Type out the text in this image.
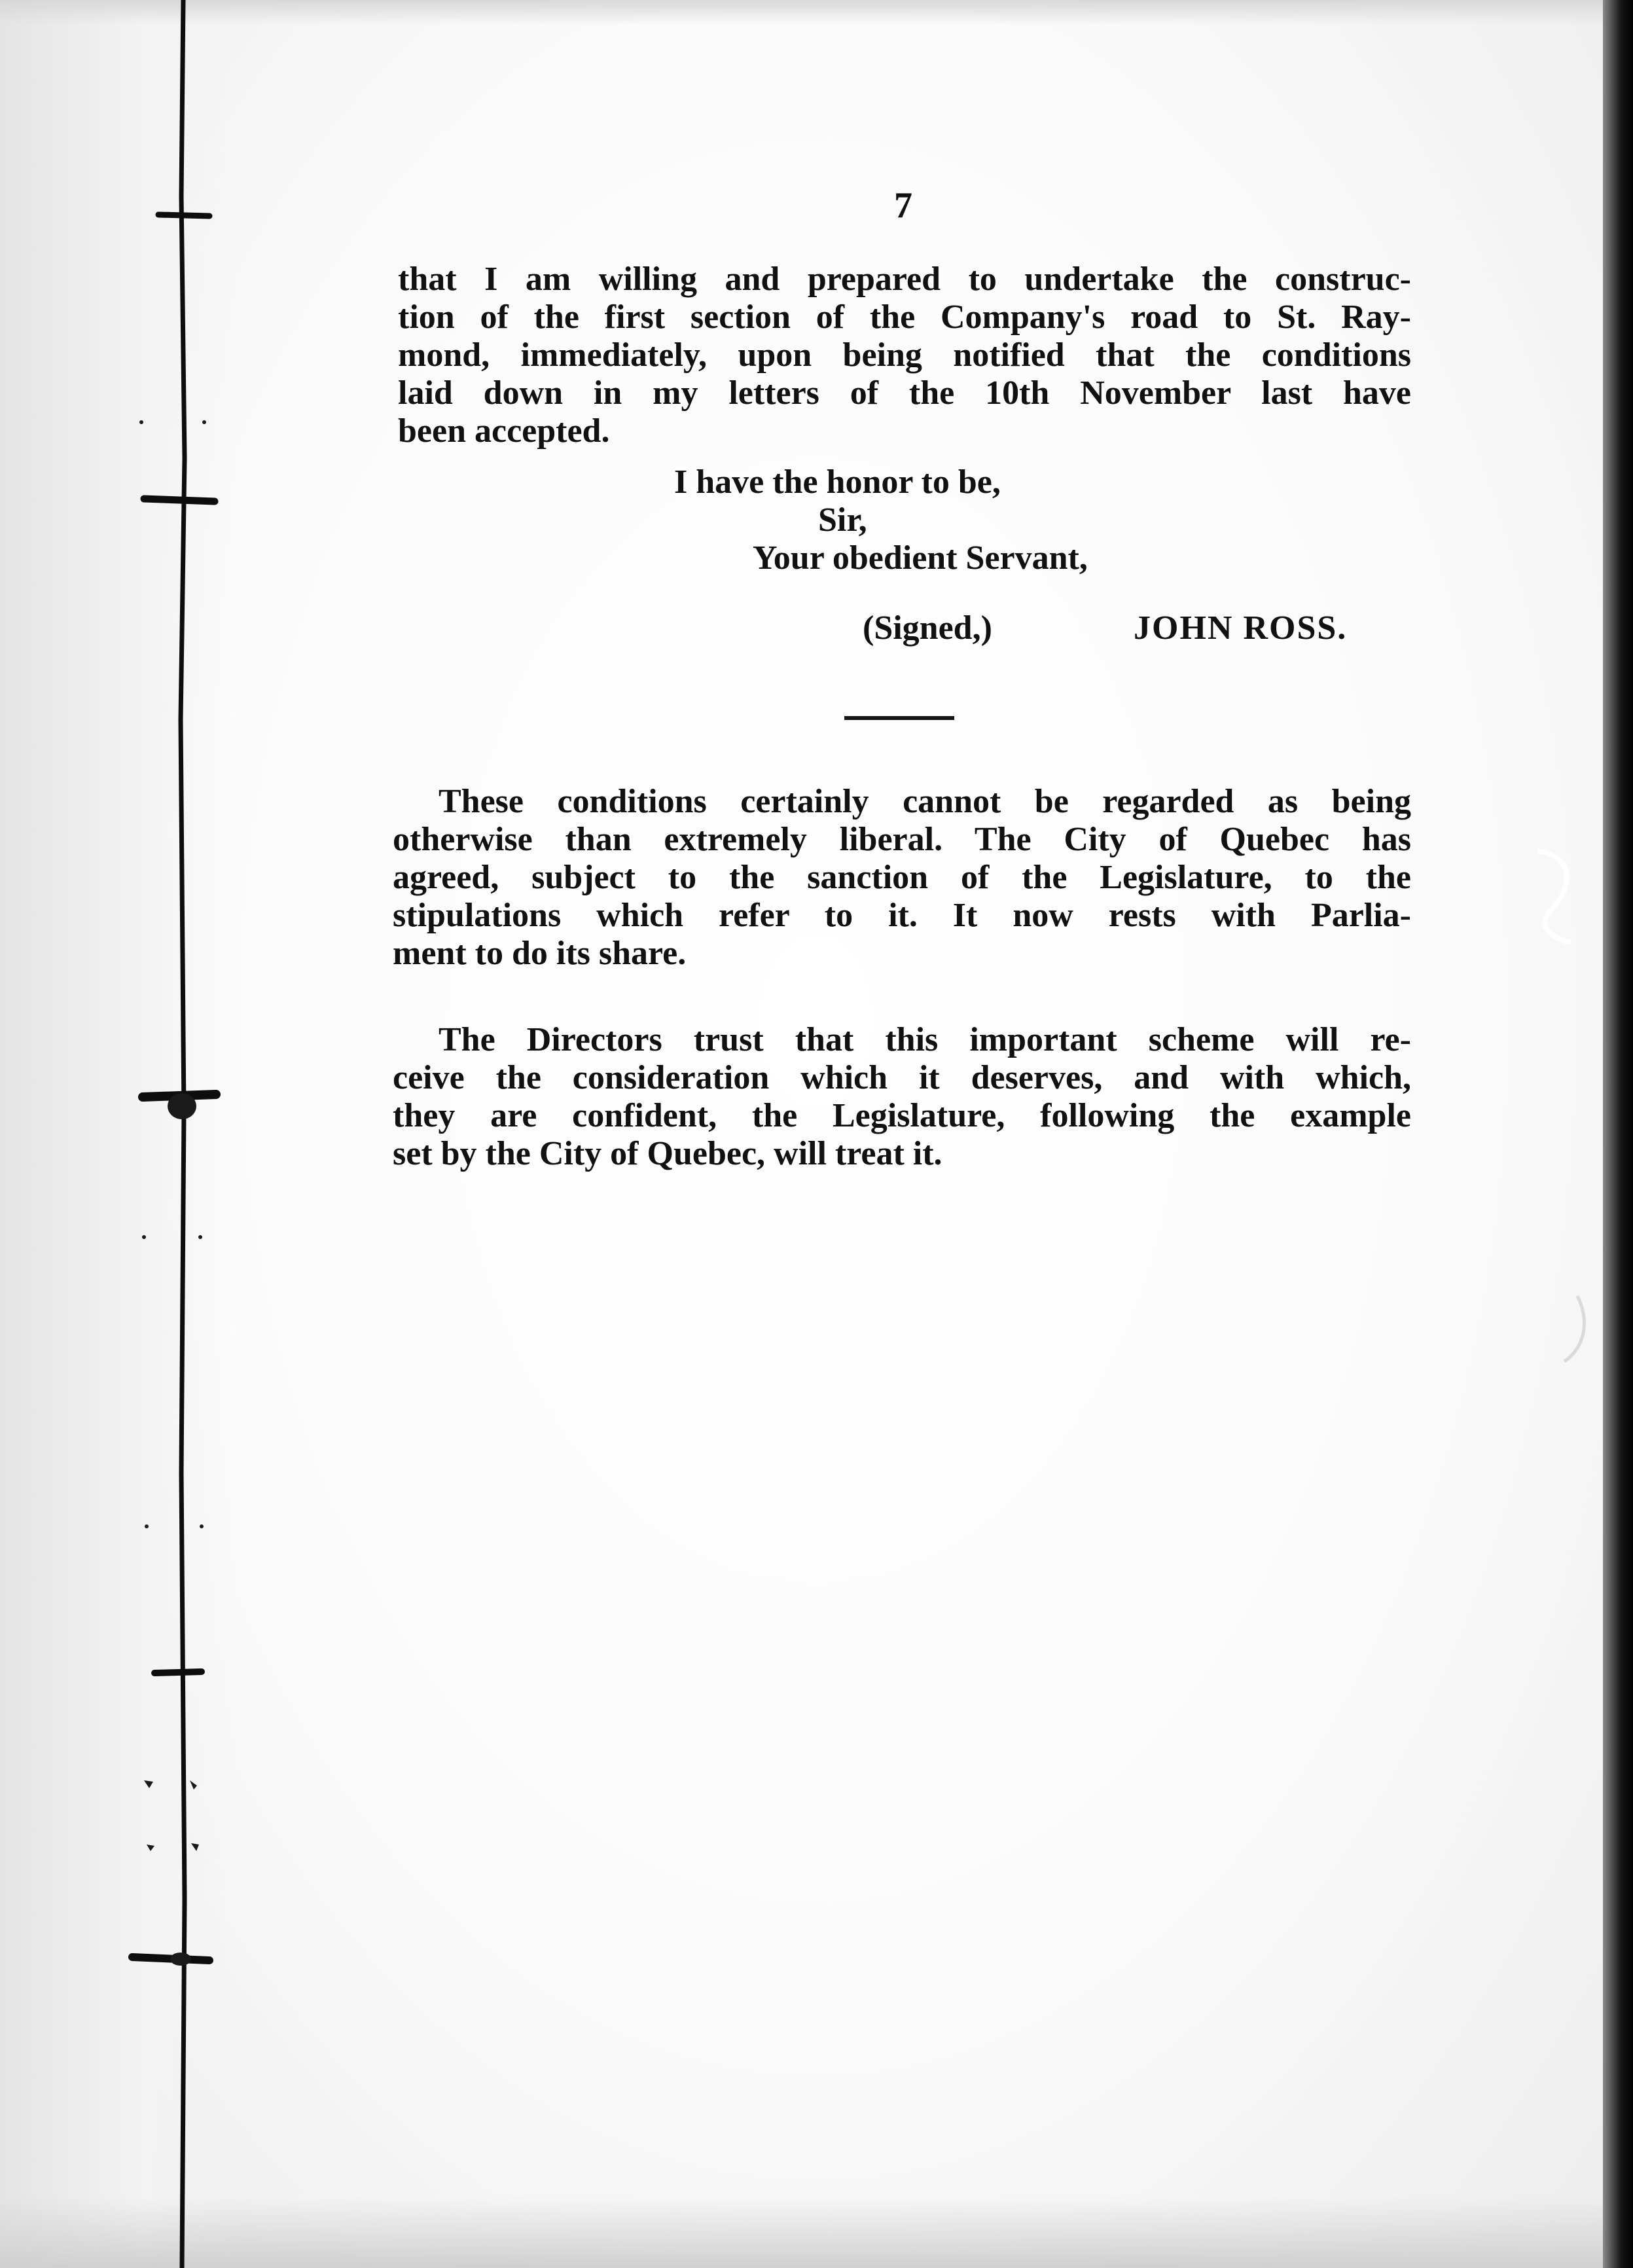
7
that I am willing and prepared to undertake the construc-
tion of the first section of the Company's road to St. Ray-
mond, immediately, upon being notified that the conditions
laid down in my letters of the 10th November last have
been accepted.
I have the honor to be,
Sir,
Your obedient Servant,
(Signed,)	JOHN ROSS.
These conditions certainly cannot be regarded as being
otherwise than extremely liberal. The City of Quebec has
agreed, subject to the sanction of the Legislature, to the
stipulations which refer to it. It now rests with Parlia-
ment to do its share.
The Directors trust that this important scheme will re-
ceive the consideration which it deserves, and with which,
they are confident, the Legislature, following the example
set by the City of Quebec, will treat it.
